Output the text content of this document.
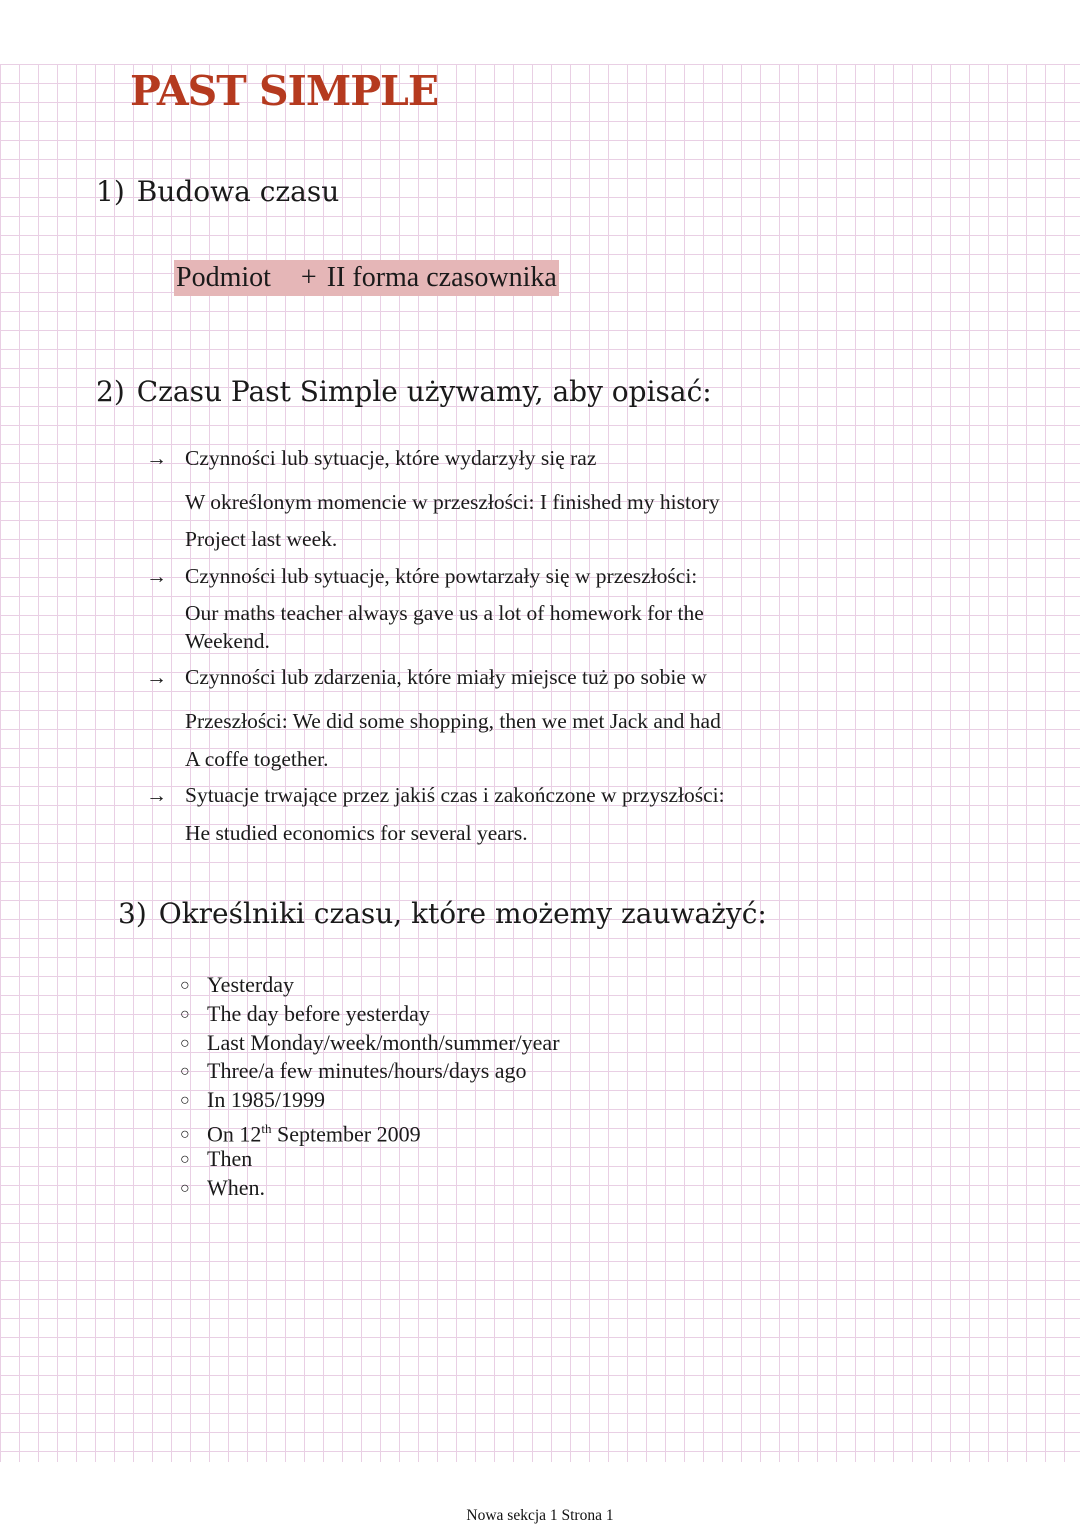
PAST SIMPLE
1) Budowa czasu
Podmiot + II forma czasownika
2) Czasu Past Simple używamy, aby opisać:
→ Czynności lub sytuacje, które wydarzyły się raz
W określonym momencie w przeszłości: I finished my history
Project last week.
→ Czynności lub sytuacje, które powtarzały się w przeszłości:
Our maths teacher always gave us a lot of homework for the
Weekend.
→ Czynności lub zdarzenia, które miały miejsce tuż po sobie w
Przeszłości: We did some shopping, then we met Jack and had
A coffe together.
→ Sytuacje trwające przez jakiś czas i zakończone w przyszłości:
He studied economics for several years.
3) Określniki czasu, które możemy zauważyć:
○ Yesterday
○ The day before yesterday
○ Last Monday/week/month/summer/year
○ Three/a few minutes/hours/days ago
○ In 1985/1999
○ On 12th September 2009
○ Then
○ When.
Nowa sekcja 1 Strona 1
